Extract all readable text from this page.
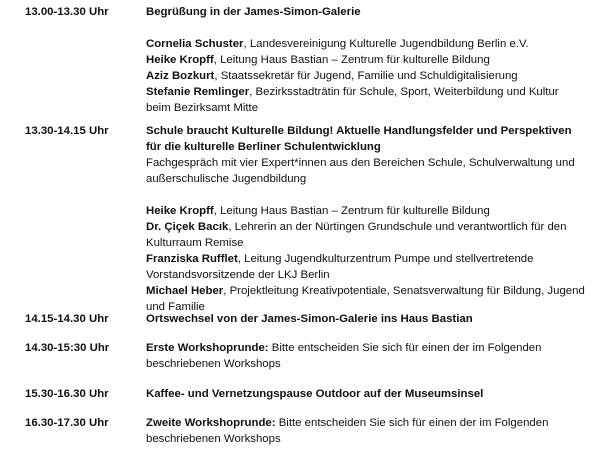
13.00-13.30 Uhr	Begrüßung in der James-Simon-Galerie
Cornelia Schuster, Landesvereinigung Kulturelle Jugendbildung Berlin e.V.
Heike Kropff, Leitung Haus Bastian – Zentrum für kulturelle Bildung
Aziz Bozkurt, Staatssekretär für Jugend, Familie und Schuldigitalisierung
Stefanie Remlinger, Bezirksstadträtin für Schule, Sport, Weiterbildung und Kultur beim Bezirksamt Mitte
13.30-14.15 Uhr	Schule braucht Kulturelle Bildung! Aktuelle Handlungsfelder und Perspektiven für die kulturelle Berliner Schulentwicklung
Fachgespräch mit vier Expert*innen aus den Bereichen Schule, Schulverwaltung und außerschulische Jugendbildung
Heike Kropff, Leitung Haus Bastian – Zentrum für kulturelle Bildung
Dr. Çiçek Bacık, Lehrerin an der Nürtingen Grundschule und verantwortlich für den Kulturraum Remise
Franziska Rufflet, Leitung Jugendkulturzentrum Pumpe und stellvertretende Vorstandsvorsitzende der LKJ Berlin
Michael Heber, Projektleitung Kreativpotentiale, Senatsverwaltung für Bildung, Jugend und Familie
14.15-14.30 Uhr	Ortswechsel von der James-Simon-Galerie ins Haus Bastian
14.30-15:30 Uhr	Erste Workshoprunde: Bitte entscheiden Sie sich für einen der im Folgenden beschriebenen Workshops
15.30-16.30 Uhr	Kaffee- und Vernetzungspause Outdoor auf der Museumsinsel
16.30-17.30 Uhr	Zweite Workshoprunde: Bitte entscheiden Sie sich für einen der im Folgenden beschriebenen Workshops
